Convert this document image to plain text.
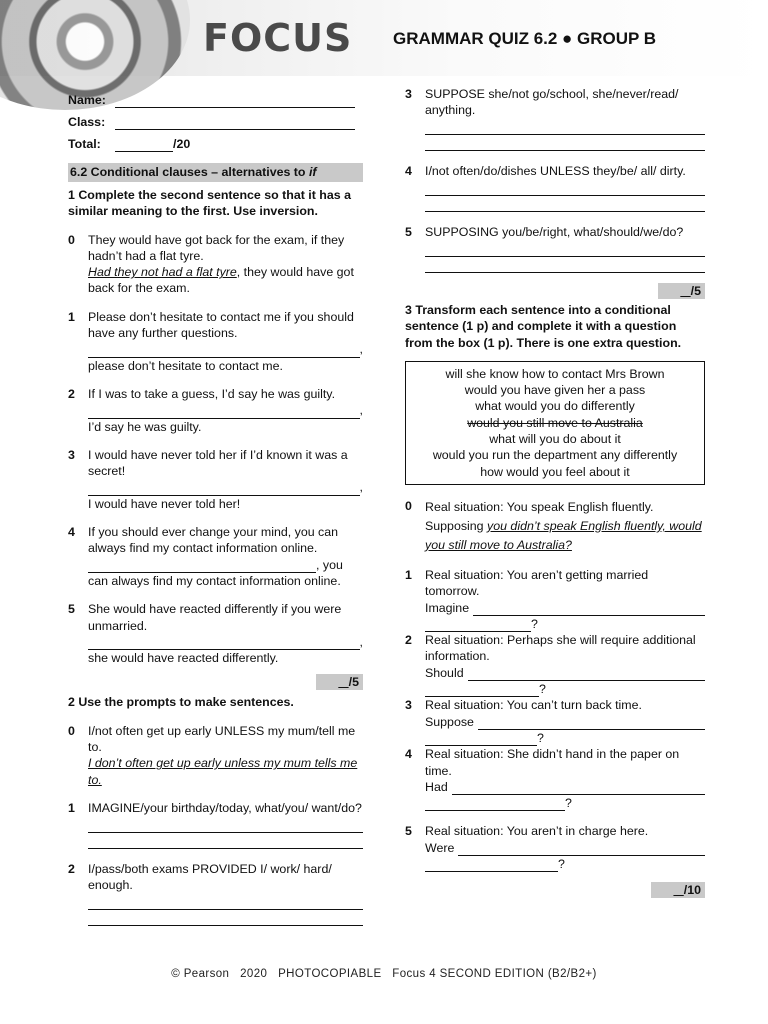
FOCUS GRAMMAR QUIZ 6.2 ● GROUP B
Name:
Class:
Total:	/20
6.2 Conditional clauses – alternatives to if
1 Complete the second sentence so that it has a similar meaning to the first. Use inversion.
0	They would have got back for the exam, if they hadn’t had a flat tyre.
Had they not had a flat tyre, they would have got back for the exam.
1	Please don’t hesitate to contact me if you should have any further questions.
,
please don’t hesitate to contact me.
2	If I was to take a guess, I’d say he was guilty.
,
I’d say he was guilty.
3	I would have never told her if I’d known it was a secret!
,
I would have never told her!
4	If you should ever change your mind, you can always find my contact information online.
, you
can always find my contact information online.
5	She would have reacted differently if you were unmarried.
,
she would have reacted differently.
/5
2 Use the prompts to make sentences.
0	I/not often get up early UNLESS my mum/tell me to.
I don’t often get up early unless my mum tells me to.
1	IMAGINE/your birthday/today, what/you/ want/do?
2	I/pass/both exams PROVIDED I/ work/ hard/ enough.
3	SUPPOSE she/not go/school, she/never/read/ anything.
4	I/not often/do/dishes UNLESS they/be/ all/ dirty.
5	SUPPOSING you/be/right, what/should/we/do?
/5
3 Transform each sentence into a conditional sentence (1 p) and complete it with a question from the box (1 p). There is one extra question.
will she know how to contact Mrs Brown
would you have given her a pass
what would you do differently
would you still move to Australia
what will you do about it
would you run the department any differently
how would you feel about it
0	Real situation: You speak English fluently.
Supposing you didn’t speak English fluently, would you still move to Australia?
1	Real situation: You aren’t getting married tomorrow.
Imagine
?
2	Real situation: Perhaps she will require additional information.
Should
?
3	Real situation: You can’t turn back time.
Suppose
?
4	Real situation: She didn’t hand in the paper on time.
Had
?
5	Real situation: You aren’t in charge here.
Were
?
/10
© Pearson   2020   PHOTOCOPIABLE   Focus 4 SECOND EDITION (B2/B2+)
